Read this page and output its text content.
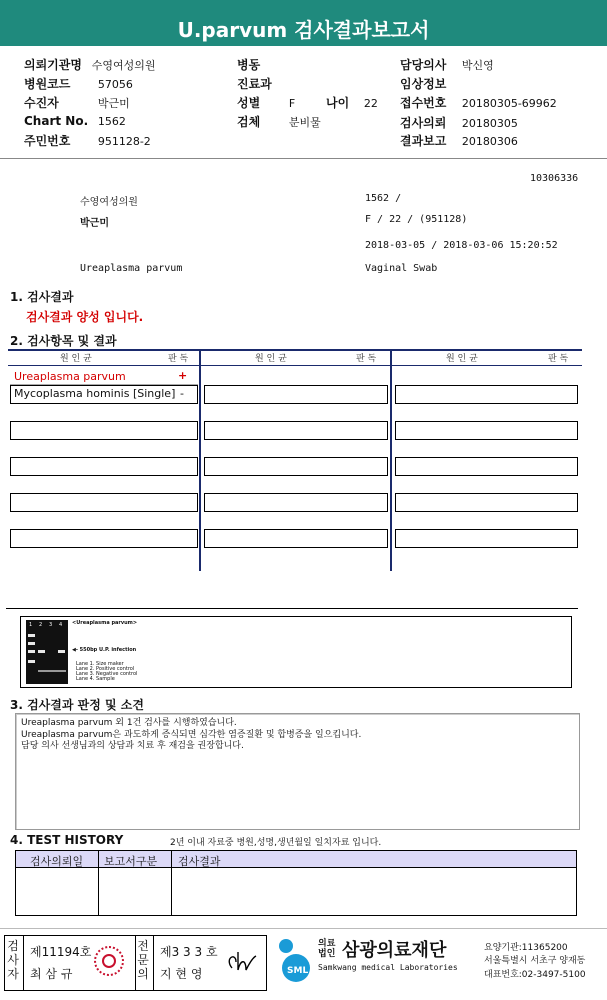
U.parvum 검사결과보고서
의뢰기관명 수영여성의원
병원코드 57056
수진자	박근미
Chart No. 1562
주민번호 951128-2
병동
진료과
성별	F	나이 22
검체	분비물
담당의사 박신영
임상정보
접수번호 20180305-69962
검사의뢰 20180305
결과보고 20180306
10306336
수영여성의원	1562 /
박근미	F / 22 / (951128)
2018-03-05 / 2018-03-06 15:20:52
Ureaplasma parvum	Vaginal Swab
1. 검사결과
검사결과 양성 입니다.
2. 검사항목 및 결과
원 인 균	판 독	원 인 균	판 독	원 인 균	판 독
Ureaplasma parvum	+
Mycoplasma hominis [Single] -
1 2 3 4 <Ureaplasma parvum>
◀- 550bp U.P. infection
Lane 1. Size maker
Lane 2. Positive control
Lane 3. Negative control
Lane 4. Sample
3. 검사결과 판정 및 소견
Ureaplasma parvum 외 1건 검사를 시행하였습니다.
Ureaplasma parvum은 과도하게 증식되면 심각한 염증질환 및 합병증을 일으킵니다.
담당 의사 선생님과의 상담과 치료 후 재검을 권장합니다.
4. TEST HISTORY	2년 이내 자료중 병원,성명,생년월일 일치자료 입니다.
검사의뢰일 보고서구분 검사결과
검
사
자
제11194호
최 삼 규
전
문
의
제3 3 3 호
지 현 영	SML
의료
법인 삼광의료재단
Samkwang medical Laboratories
요양기관:11365200
서울특별시 서초구 양재동
대표번호:02-3497-5100
